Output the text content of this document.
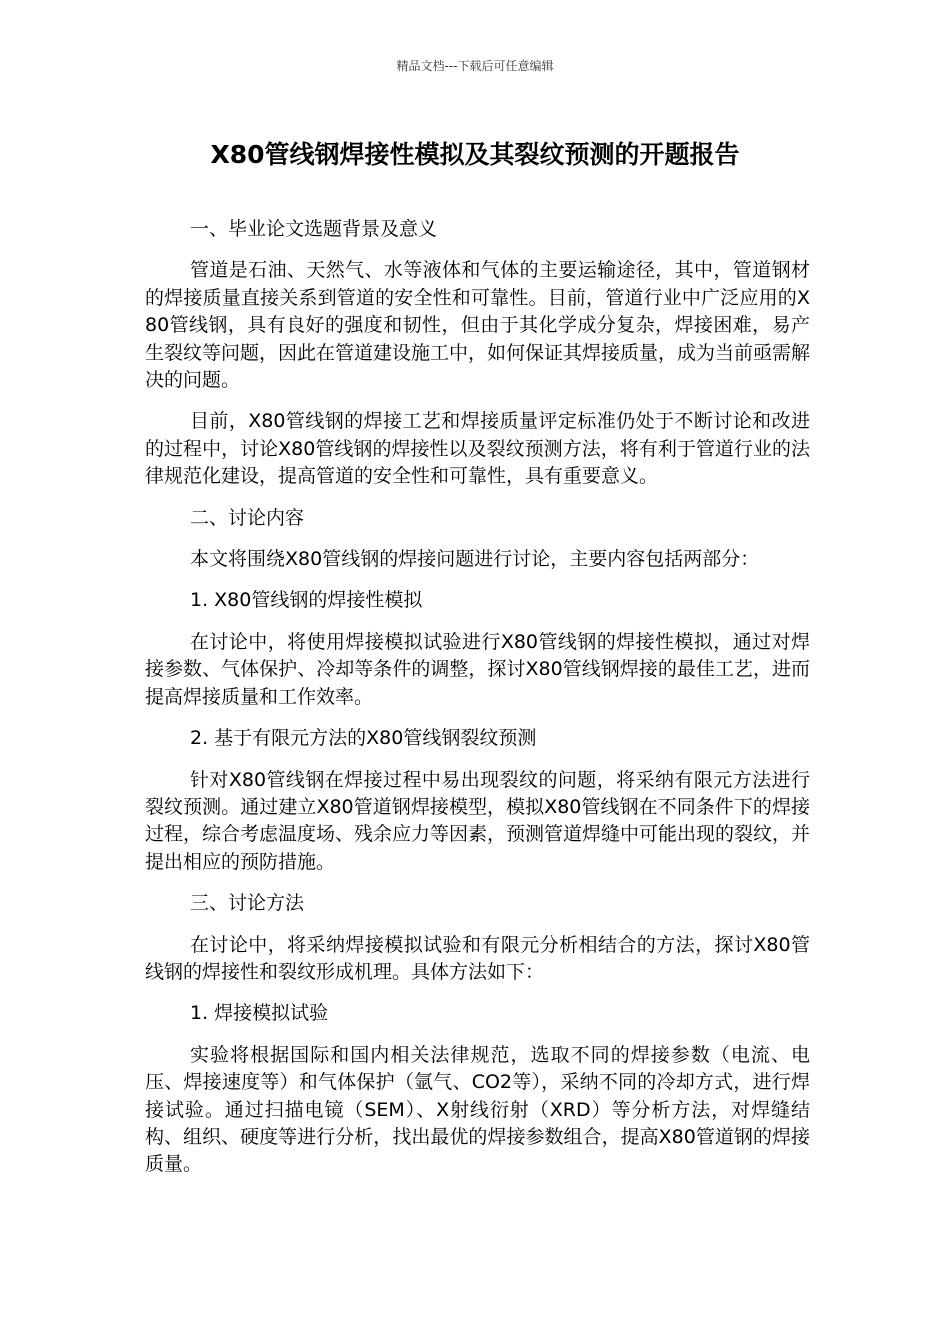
精品文档---下载后可任意编辑
X80管线钢焊接性模拟及其裂纹预测的开题报告

一、毕业论文选题背景及意义

管道是石油、天然气、水等液体和气体的主要运输途径，其中，管道钢材的焊接质量直接关系到管道的安全性和可靠性。目前，管道行业中广泛应用的X80管线钢，具有良好的强度和韧性，但由于其化学成分复杂，焊接困难，易产生裂纹等问题，因此在管道建设施工中，如何保证其焊接质量，成为当前亟需解决的问题。

目前，X80管线钢的焊接工艺和焊接质量评定标准仍处于不断讨论和改进的过程中，讨论X80管线钢的焊接性以及裂纹预测方法，将有利于管道行业的法律规范化建设，提高管道的安全性和可靠性，具有重要意义。

二、讨论内容

本文将围绕X80管线钢的焊接问题进行讨论，主要内容包括两部分：

1. X80管线钢的焊接性模拟

在讨论中，将使用焊接模拟试验进行X80管线钢的焊接性模拟，通过对焊接参数、气体保护、冷却等条件的调整，探讨X80管线钢焊接的最佳工艺，进而提高焊接质量和工作效率。

2. 基于有限元方法的X80管线钢裂纹预测

针对X80管线钢在焊接过程中易出现裂纹的问题，将采纳有限元方法进行裂纹预测。通过建立X80管道钢焊接模型，模拟X80管线钢在不同条件下的焊接过程，综合考虑温度场、残余应力等因素，预测管道焊缝中可能出现的裂纹，并提出相应的预防措施。

三、讨论方法

在讨论中，将采纳焊接模拟试验和有限元分析相结合的方法，探讨X80管线钢的焊接性和裂纹形成机理。具体方法如下：

1. 焊接模拟试验

实验将根据国际和国内相关法律规范，选取不同的焊接参数（电流、电压、焊接速度等）和气体保护（氩气、CO2等），采纳不同的冷却方式，进行焊接试验。通过扫描电镜（SEM）、X射线衍射（XRD）等分析方法，对焊缝结构、组织、硬度等进行分析，找出最优的焊接参数组合，提高X80管道钢的焊接质量。
